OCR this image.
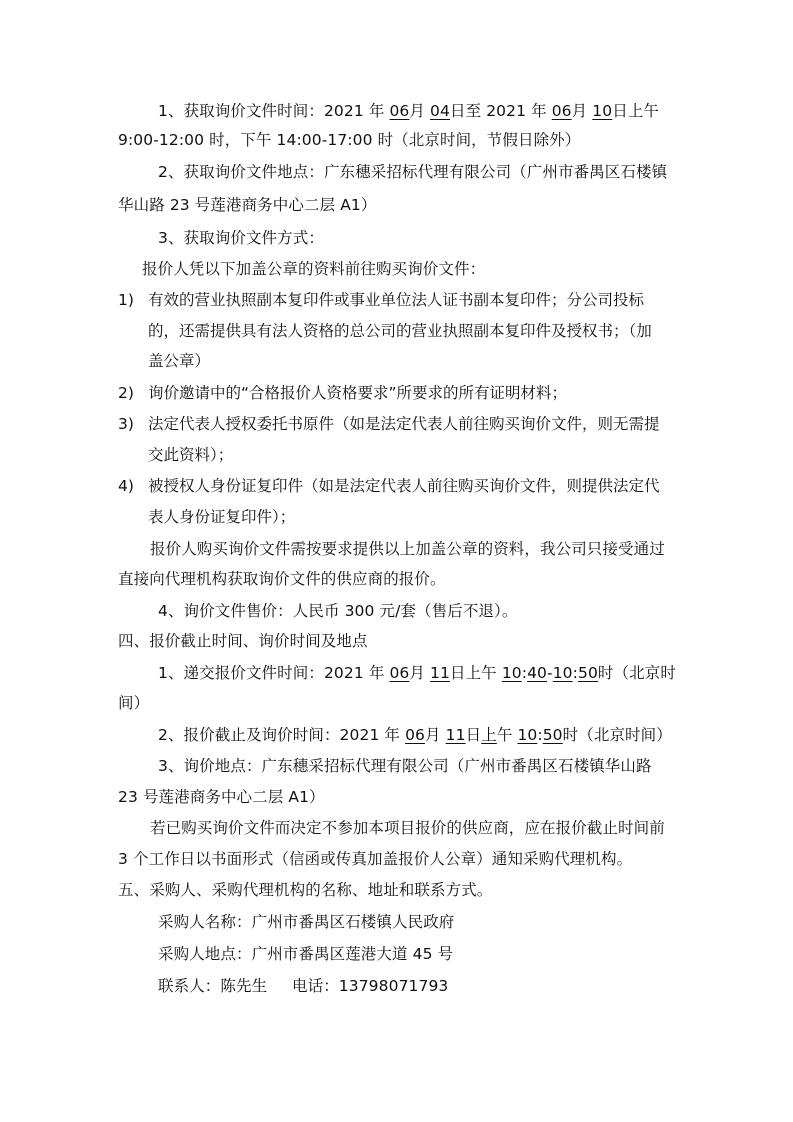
1、获取询价文件时间：2021 年 06月 04日至 2021 年 06月 10日上午
9:00-12:00 时，下午 14:00-17:00 时（北京时间，节假日除外）
2、获取询价文件地点：广东穗采招标代理有限公司（广州市番禺区石楼镇
华山路 23 号莲港商务中心二层 A1）
3、获取询价文件方式：
报价人凭以下加盖公章的资料前往购买询价文件：
1) 有效的营业执照副本复印件或事业单位法人证书副本复印件；分公司投标
的，还需提供具有法人资格的总公司的营业执照副本复印件及授权书；（加
盖公章）
2) 询价邀请中的“合格报价人资格要求”所要求的所有证明材料；
3) 法定代表人授权委托书原件（如是法定代表人前往购买询价文件，则无需提
交此资料）；
4) 被授权人身份证复印件（如是法定代表人前往购买询价文件，则提供法定代
表人身份证复印件）；
报价人购买询价文件需按要求提供以上加盖公章的资料，我公司只接受通过
直接向代理机构获取询价文件的供应商的报价。
4、询价文件售价：人民币 300 元/套（售后不退）。
四、报价截止时间、询价时间及地点
1、递交报价文件时间：2021 年 06月 11日上午 10:40-10:50时（北京时
间）
2、报价截止及询价时间：2021 年 06月 11日上午 10:50时（北京时间）
3、询价地点：广东穗采招标代理有限公司（广州市番禺区石楼镇华山路
23 号莲港商务中心二层 A1）
若已购买询价文件而决定不参加本项目报价的供应商，应在报价截止时间前
3 个工作日以书面形式（信函或传真加盖报价人公章）通知采购代理机构。
五、采购人、采购代理机构的名称、地址和联系方式。
采购人名称：广州市番禺区石楼镇人民政府
采购人地点：广州市番禺区莲港大道 45 号
联系人：陈先生 电话：13798071793
